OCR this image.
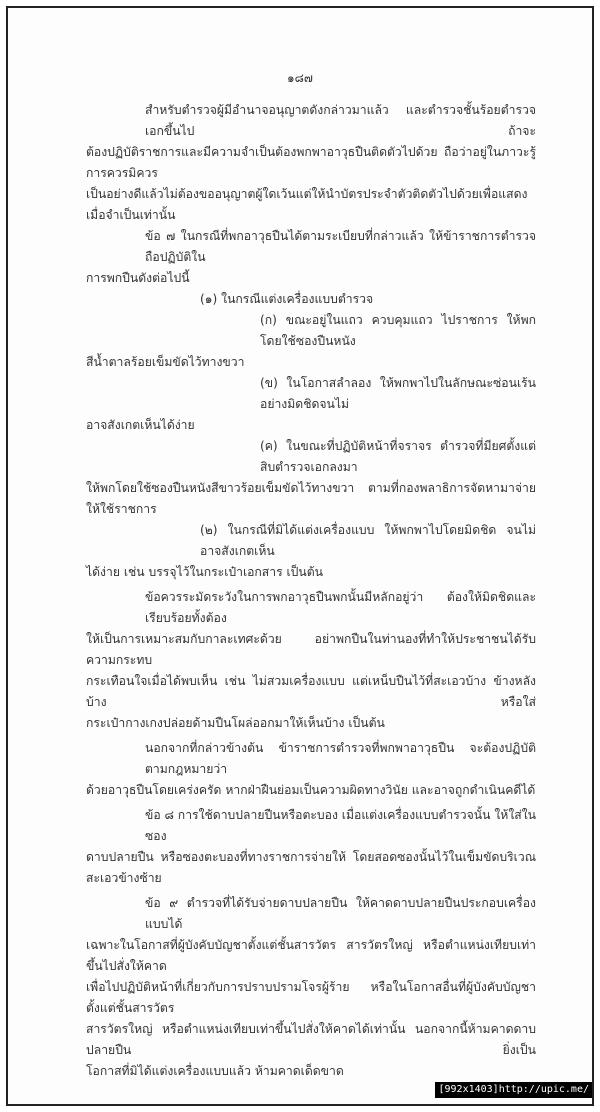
๑๘๗
สำหรับตำรวจผู้มีอำนาจอนุญาตดังกล่าวมาแล้ว และตำรวจชั้นร้อยตำรวจเอกขึ้นไป ถ้าจะ
ต้องปฏิบัติราชการและมีความจำเป็นต้องพกพาอาวุธปืนติดตัวไปด้วย ถือว่าอยู่ในภาวะรู้การควรมิควร
เป็นอย่างดีแล้วไม่ต้องขออนุญาตผู้ใดเว้นแต่ให้นำบัตรประจำตัวติดตัวไปด้วยเพื่อแสดงเมื่อจำเป็นเท่านั้น
ข้อ ๗ ในกรณีที่พกอาวุธปืนได้ตามระเบียบที่กล่าวแล้ว ให้ข้าราชการตำรวจถือปฏิบัติใน
การพกปืนดังต่อไปนี้
(๑) ในกรณีแต่งเครื่องแบบตำรวจ
(ก) ขณะอยู่ในแถว ควบคุมแถว ไปราชการ ให้พกโดยใช้ซองปืนหนัง
สีน้ำตาลร้อยเข็มขัดไว้ทางขวา
(ข) ในโอกาสลำลอง ให้พกพาไปในลักษณะซ่อนเร้นอย่างมิดชิดจนไม่
อาจสังเกตเห็นได้ง่าย
(ค) ในขณะที่ปฏิบัติหน้าที่จราจร ตำรวจที่มียศตั้งแต่สิบตำรวจเอกลงมา
ให้พกโดยใช้ซองปืนหนังสีขาวร้อยเข็มขัดไว้ทางขวา ตามที่กองพลาธิการจัดหามาจ่ายให้ใช้ราชการ
(๒) ในกรณีที่มิได้แต่งเครื่องแบบ ให้พกพาไปโดยมิดชิด จนไม่อาจสังเกตเห็น
ได้ง่าย เช่น บรรจุไว้ในกระเป๋าเอกสาร เป็นต้น
ข้อควรระมัดระวังในการพกอาวุธปืนพกนั้นมีหลักอยู่ว่า ต้องให้มิดชิดและเรียบร้อยทั้งต้อง
ให้เป็นการเหมาะสมกับกาละเทศะด้วย อย่าพกปืนในท่านองที่ทำให้ประชาชนได้รับความกระทบ
กระเทือนใจเมื่อได้พบเห็น เช่น ไม่สวมเครื่องแบบ แต่เหน็บปืนไว้ที่สะเอวบ้าง ข้างหลังบ้าง หรือใส่
กระเป๋ากางเกงปล่อยด้ามปืนโผล่ออกมาให้เห็นบ้าง เป็นต้น
นอกจากที่กล่าวข้างต้น ข้าราชการตำรวจที่พกพาอาวุธปืน จะต้องปฏิบัติตามกฎหมายว่า
ด้วยอาวุธปืนโดยเคร่งครัด หากฝ่าฝืนย่อมเป็นความผิดทางวินัย และอาจถูกดำเนินคดีได้
ข้อ ๘ การใช้ดาบปลายปืนหรือตะบอง เมื่อแต่งเครื่องแบบตำรวจนั้น ให้ใส่ในซอง
ดาบปลายปืน หรือซองตะบองที่ทางราชการจ่ายให้ โดยสอดซองนั้นไว้ในเข็มขัดบริเวณสะเอวข้างซ้าย
ข้อ ๙ ตำรวจที่ได้รับจ่ายดาบปลายปืน ให้คาดดาบปลายปืนประกอบเครื่องแบบได้
เฉพาะในโอกาสที่ผู้บังคับบัญชาตั้งแต่ชั้นสารวัตร สารวัตรใหญ่ หรือตำแหน่งเทียบเท่าขึ้นไปสั่งให้คาด
เพื่อไปปฏิบัติหน้าที่เกี่ยวกับการปราบปรามโจรผู้ร้าย หรือในโอกาสอื่นที่ผู้บังคับบัญชาตั้งแต่ชั้นสารวัตร
สารวัตรใหญ่ หรือตำแหน่งเทียบเท่าขึ้นไปสั่งให้คาดได้เท่านั้น นอกจากนี้ห้ามคาดดาบปลายปืน ยิ่งเป็น
โอกาสที่มิได้แต่งเครื่องแบบแล้ว ห้ามคาดเด็ดขาด
[992x1403]http://upic.me/
